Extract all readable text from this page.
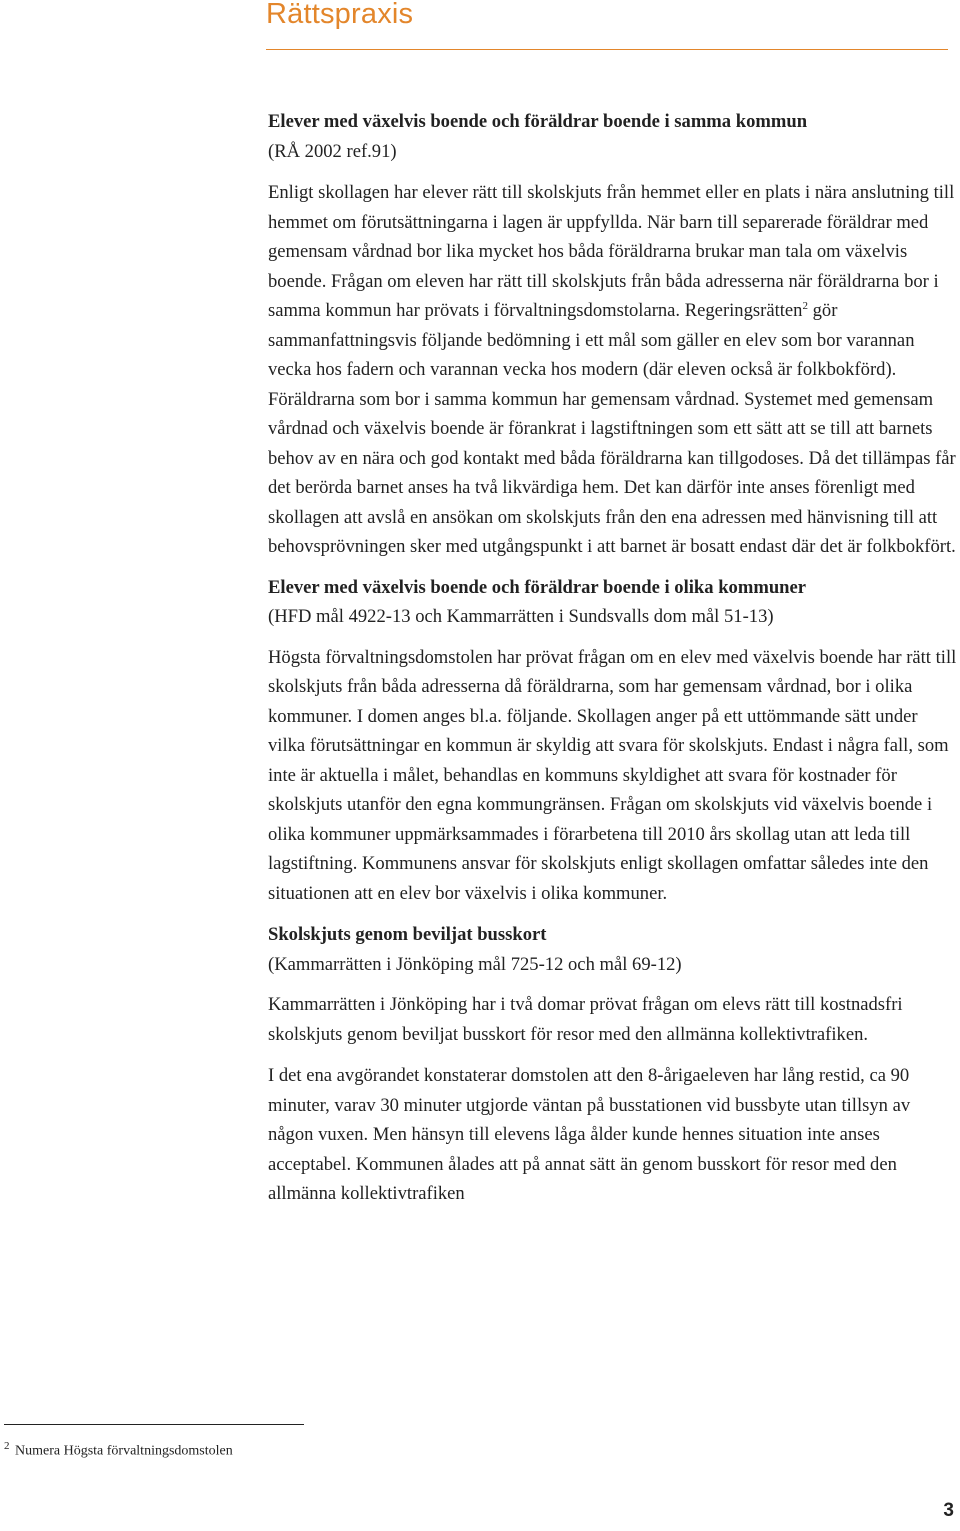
Rättspraxis

Elever med växelvis boende och föräldrar boende i samma kommun
(RÅ 2002 ref.91)

Enligt skollagen har elever rätt till skolskjuts från hemmet eller en plats i nära anslutning till hemmet om förutsättningarna i lagen är uppfyllda. När barn till separerade föräldrar med gemensam vårdnad bor lika mycket hos båda föräldrarna brukar man tala om växelvis boende. Frågan om eleven har rätt till skolskjuts från båda adresserna när föräldrarna bor i samma kommun har prövats i förvaltningsdomstolarna. Regeringsrätten$^2$ gör sammanfattningsvis följande bedömning i ett mål som gäller en elev som bor varannan vecka hos fadern och varannan vecka hos modern (där eleven också är folkbokförd). Föräldrarna som bor i samma kommun har gemensam vårdnad. Systemet med gemensam vårdnad och växelvis boende är förankrat i lagstiftningen som ett sätt att se till att barnets behov av en nära och god kontakt med båda föräldrarna kan tillgodoses. Då det tillämpas får det berörda barnet anses ha två likvärdiga hem. Det kan därför inte anses förenligt med skollagen att avslå en ansökan om skolskjuts från den ena adressen med hänvisning till att behovsprövningen sker med utgångspunkt i att barnet är bosatt endast där det är folkbokfört.

Elever med växelvis boende och föräldrar boende i olika kommuner
(HFD mål 4922-13 och Kammarrätten i Sundsvalls dom mål 51-13)

Högsta förvaltningsdomstolen har prövat frågan om en elev med växelvis boende har rätt till skolskjuts från båda adresserna då föräldrarna, som har gemensam vårdnad, bor i olika kommuner. I domen anges bl.a. följande. Skollagen anger på ett uttömmande sätt under vilka förutsättningar en kommun är skyldig att svara för skolskjuts. Endast i några fall, som inte är aktuella i målet, behandlas en kommuns skyldighet att svara för kostnader för skolskjuts utanför den egna kommungränsen. Frågan om skolskjuts vid växelvis boende i olika kommuner uppmärksammades i förarbetena till 2010 års skollag utan att leda till lagstiftning. Kommunens ansvar för skolskjuts enligt skollagen omfattar således inte den situationen att en elev bor växelvis i olika kommuner.

Skolskjuts genom beviljat busskort
(Kammarrätten i Jönköping mål 725-12 och mål 69-12)

Kammarrätten i Jönköping har i två domar prövat frågan om elevs rätt till kostnadsfri skolskjuts genom beviljat busskort för resor med den allmänna kollektivtrafiken.

I det ena avgörandet konstaterar domstolen att den 8-årigaeleven har lång restid, ca 90 minuter, varav 30 minuter utgjorde väntan på busstationen vid bussbyte utan tillsyn av någon vuxen. Men hänsyn till elevens låga ålder kunde hennes situation inte anses acceptabel. Kommunen ålades att på annat sätt än genom busskort för resor med den allmänna kollektivtrafiken

$^2$ Numera Högsta förvaltningsdomstolen
3
